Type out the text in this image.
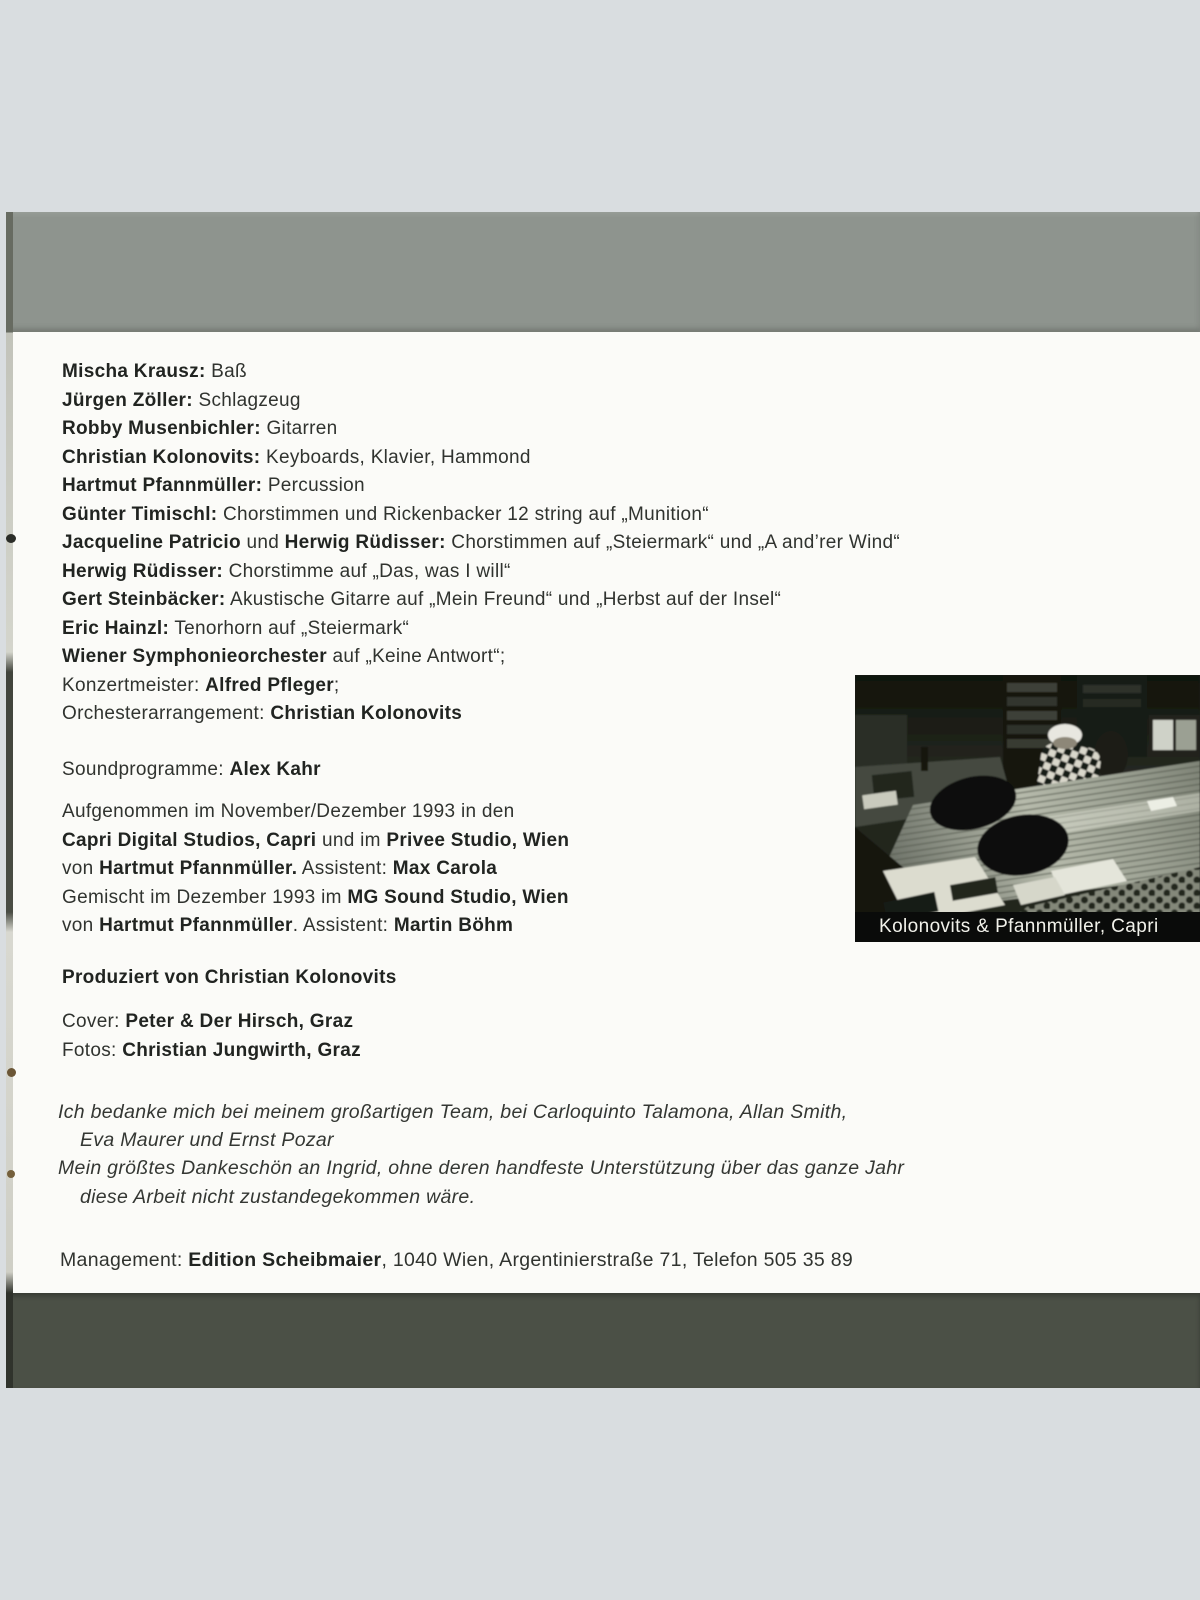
Mischa Krausz: Baß
Jürgen Zöller: Schlagzeug
Robby Musenbichler: Gitarren
Christian Kolonovits: Keyboards, Klavier, Hammond
Hartmut Pfannmüller: Percussion
Günter Timischl: Chorstimmen und Rickenbacker 12 string auf „Munition“
Jacqueline Patricio und Herwig Rüdisser: Chorstimmen auf „Steiermark“ und „A and’rer Wind“
Herwig Rüdisser: Chorstimme auf „Das, was I will“
Gert Steinbäcker: Akustische Gitarre auf „Mein Freund“ und „Herbst auf der Insel“
Eric Hainzl: Tenorhorn auf „Steiermark“
Wiener Symphonieorchester auf „Keine Antwort“;
Konzertmeister: Alfred Pfleger;
Orchesterarrangement: Christian Kolonovits
Soundprogramme: Alex Kahr
Aufgenommen im November/Dezember 1993 in den
Capri Digital Studios, Capri und im Privee Studio, Wien
von Hartmut Pfannmüller. Assistent: Max Carola
Gemischt im Dezember 1993 im MG Sound Studio, Wien
von Hartmut Pfannmüller. Assistent: Martin Böhm
Produziert von Christian Kolonovits
Cover: Peter & Der Hirsch, Graz
Fotos: Christian Jungwirth, Graz
Ich bedanke mich bei meinem großartigen Team, bei Carloquinto Talamona, Allan Smith,
Eva Maurer und Ernst Pozar
Mein größtes Dankeschön an Ingrid, ohne deren handfeste Unterstützung über das ganze Jahr
diese Arbeit nicht zustandegekommen wäre.
Management: Edition Scheibmaier, 1040 Wien, Argentinierstraße 71, Telefon 505 35 89
Kolonovits & Pfannmüller, Capri
